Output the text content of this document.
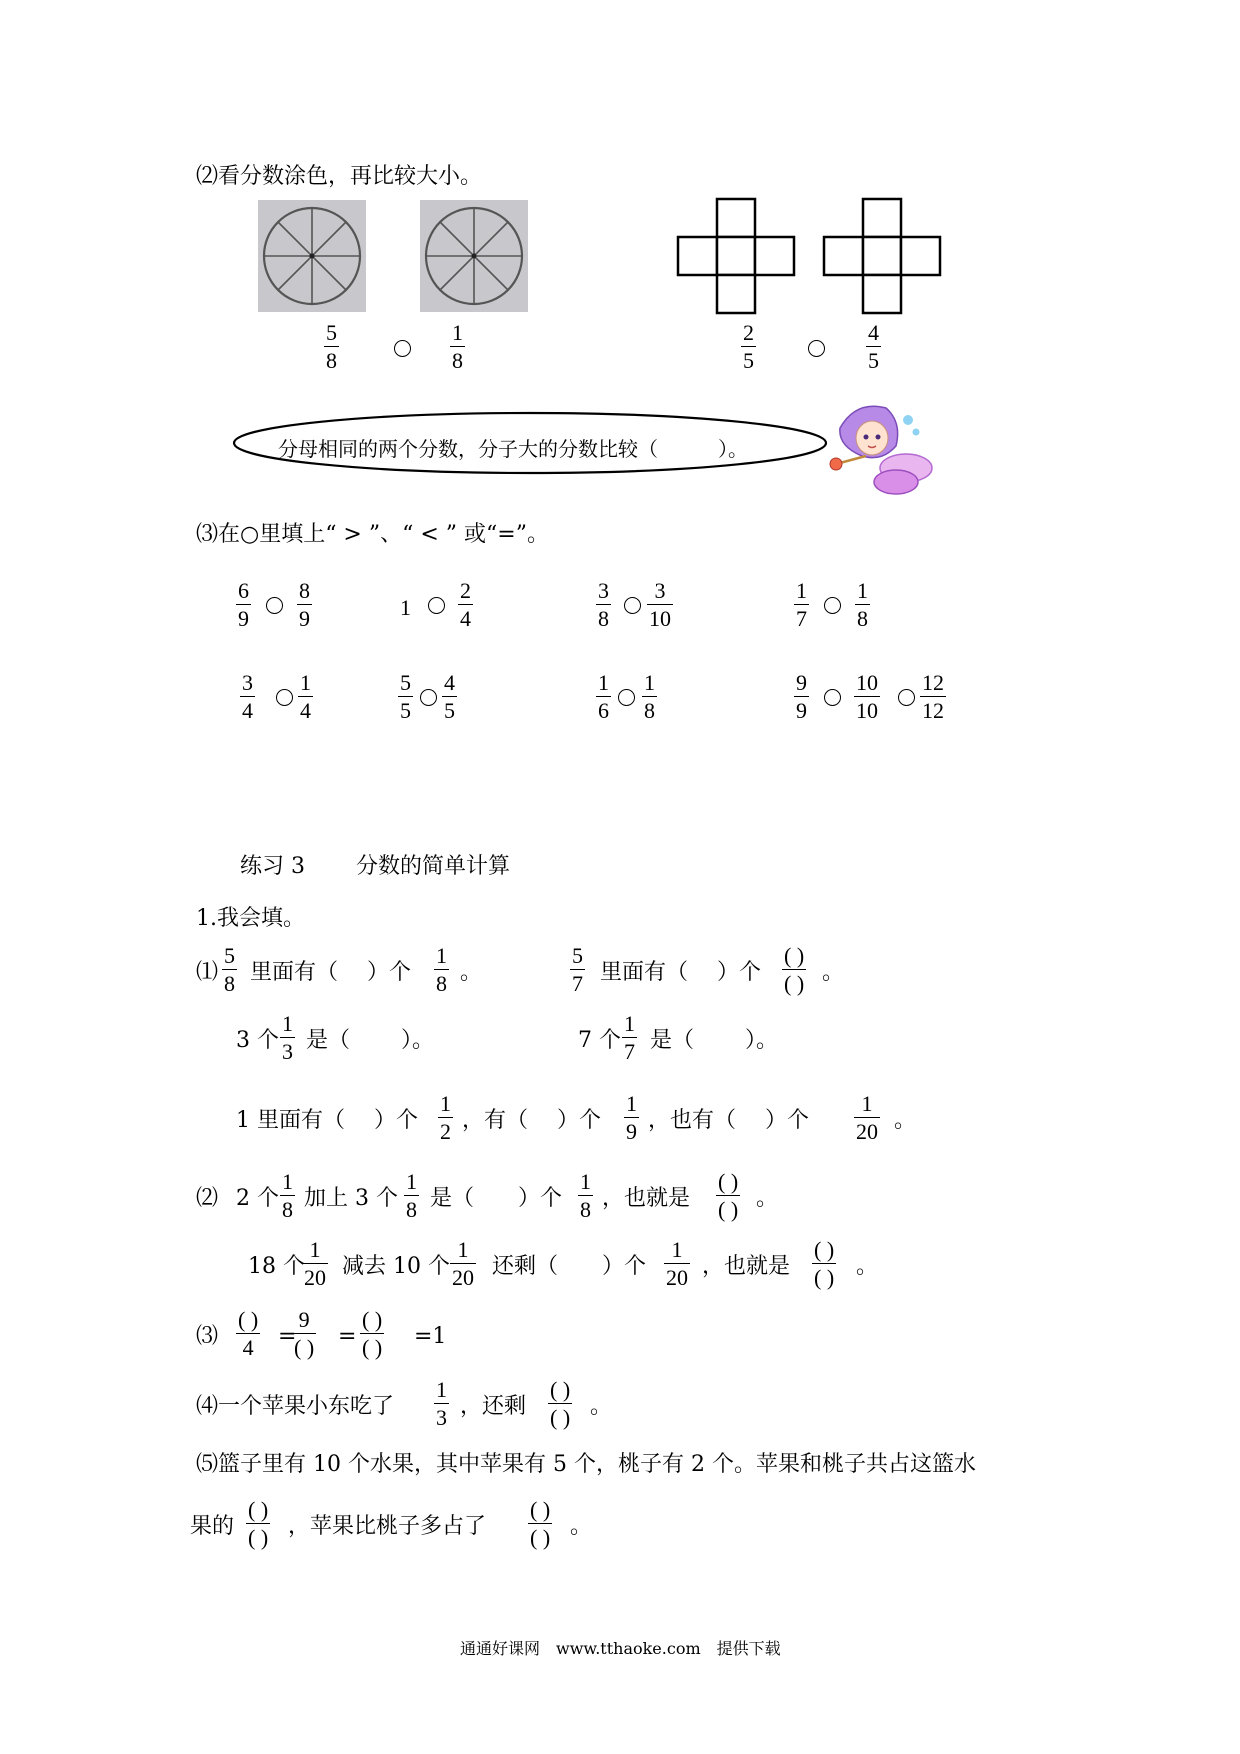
⑵看分数涂色，再比较大小。
5
8
1
8
2
5
4
5
分母相同的两个分数，分子大的分数比较（　　　）。
⑶在○里填上“ > ”、“ < ” 或“=”。
6
9
8
9	1
2
4
3
8
3
10
1
7
1
8
3
4
1
4
5
5
4
5
1
6
1
8
9
9
10
10
12
12
练习 3 分数的简单计算
1.我会填。
⑴
5
8 里面有（　 ）个
1
8 。
5
7 里面有（　 ）个
( )
( ) 。
3 个
1
3 是（　　 ）。	7 个
1
7 是（　　 ）。
1 里面有（　 ）个
1
2 ，有（　 ）个
1
9 ，也有（　 ）个
1
20 。
⑵ 2 个
1
8 加上 3 个
1
8 是（　　）个
1
8 ，也就是
( )
( ) 。
18 个
1
20 减去 10 个
1
20 还剩（　　）个
1
20 ，也就是
( )
( ) 。
⑶
( )
4 =
9
( ) =
( )
( ) =1
⑷一个苹果小东吃了
1
3 ，还剩
( )
( ) 。
⑸篮子里有 10 个水果，其中苹果有 5 个，桃子有 2 个。苹果和桃子共占这篮水
果的
( )
( ) ，苹果比桃子多占了
( )
( ) 。
通通好课网　www.tthaoke.com　提供下载
